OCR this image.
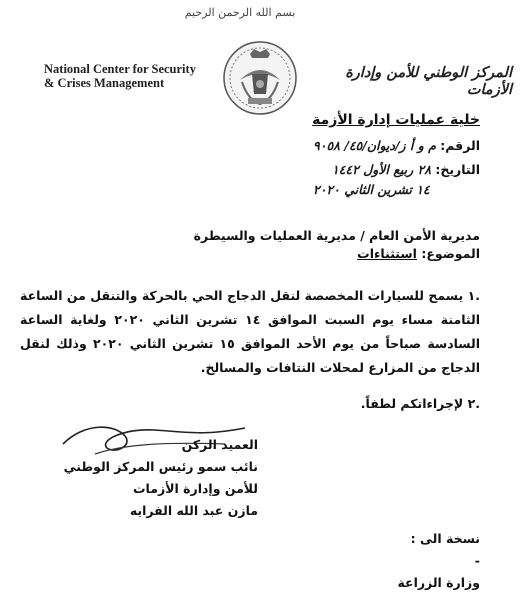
بسم الله الرحمن الرحيم
National Center for Security
& Crises Management
المركز الوطني للأمن وإدارة الأزمات
خلية عمليات إدارة الأزمة
الرقم: م و أ ز/ديوان/٤٥/ ٩٠٥٨
التاريخ: ٢٨ ربيع الأول ١٤٤٢
١٤ تشرين الثاني ٢٠٢٠
مديرية الأمن العام / مديرية العمليات والسيطرة
الموضوع: استثناءات
.١ يسمح للسيارات المخصصة لنقل الدجاج الحي بالحركة والتنقل من الساعة الثامنة مساء يوم السبت الموافق ١٤ تشرين الثاني ٢٠٢٠ ولغاية الساعة السادسة صباحاً من يوم الأحد الموافق ١٥ تشرين الثاني ٢٠٢٠ وذلك لنقل الدجاج من المزارع لمحلات النتافات والمسالخ.
.٢ لإجراءاتكم لطفاً.
العميد الركن
نائب سمو رئيس المركز الوطني
للأمن وإدارة الأزمات
مازن عبد الله الفرايه
نسخة الى :
-
وزارة الزراعة
